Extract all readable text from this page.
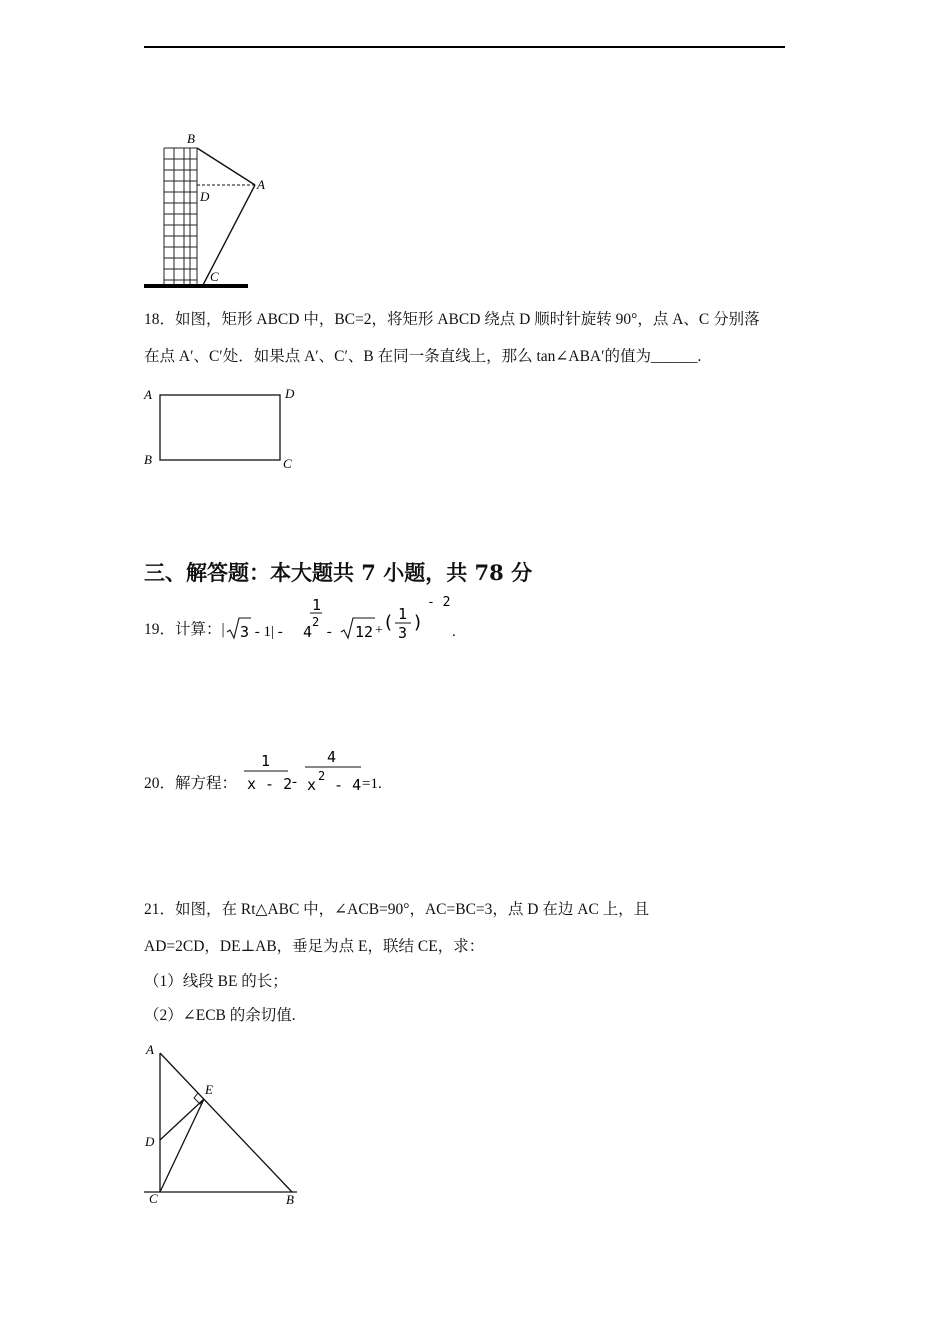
B
A
D
C
18．如图，矩形 ABCD 中，BC=2，将矩形 ABCD 绕点 D 顺时针旋转 90°，点 A、C 分别落
在点 A′、C′处．如果点 A′、C′、B 在同一条直线上，那么 tan∠ABA′的值为______.
A	D
B	C
三、解答题：本大题共 7 小题，共 78 分
19．计算：| 3 - 1| - 4
1
2
- 12 + ( 1
3 )
- 2
.
20．解方程：
1
x - 2 -
4
x 2 - 4 =1.
21．如图，在 Rt△ABC 中，∠ACB=90°，AC=BC=3，点 D 在边 AC 上，且
AD=2CD，DE⊥AB，垂足为点 E，联结 CE，求：
（1）线段 BE 的长；
（2）∠ECB 的余切值.
A
E
D
C	B
